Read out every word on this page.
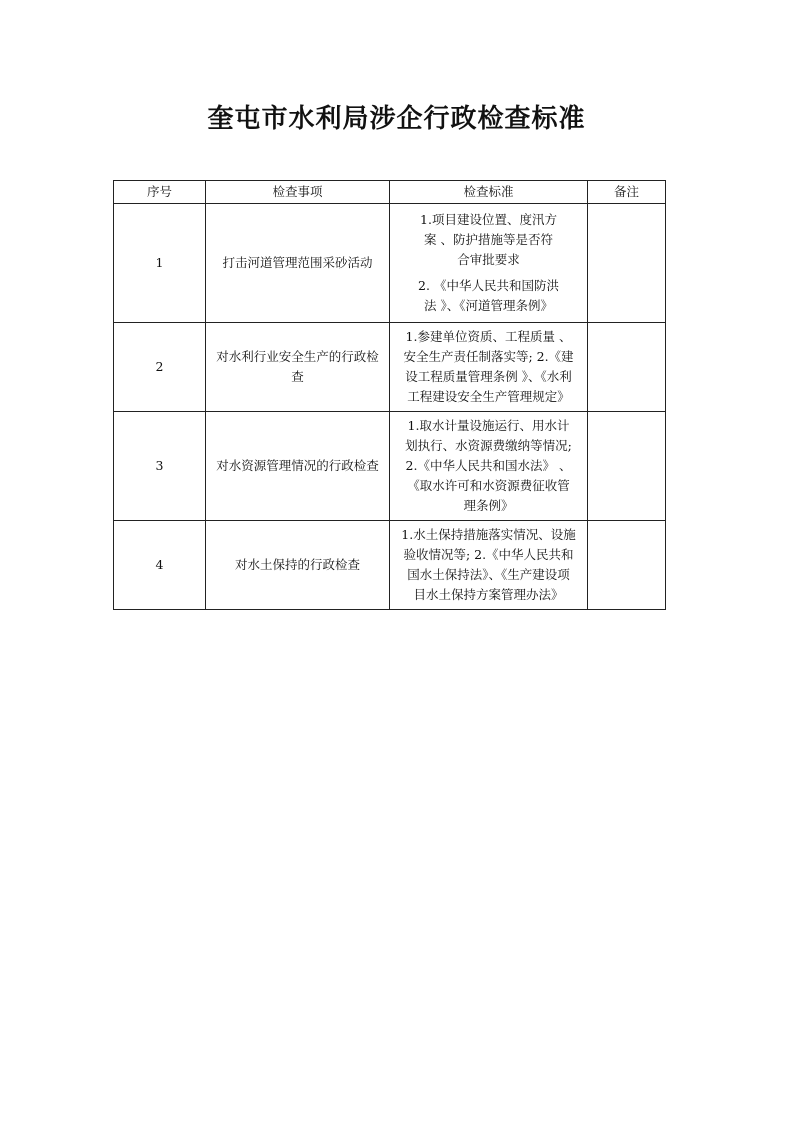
奎屯市水利局涉企行政检查标准
序号	检查事项	检查标准	备注
1	打击河道管理范围采砂活动	1.项目建设位置、度汛方
案 、防护措施等是否符
合审批要求
2. 《中华人民共和国防洪
法 》、《河道管理条例》	

2	对水利行业安全生产的行政检查	1.参建单位资质、工程质量 、
安全生产责任制落实等; 2.《建
设工程质量管理条例 》、《水利
工程建设安全生产管理规定》	

3	对水资源管理情况的行政检查	1.取水计量设施运行、用水计
划执行、水资源费缴纳等情况;
2.《中华人民共和国水法》 、
《取水许可和水资源费征收管
理条例》	

4	对水土保持的行政检查	1.水土保持措施落实情况、设施
验收情况等; 2.《中华人民共和
国水土保持法》、《生产建设项
目水土保持方案管理办法》	
